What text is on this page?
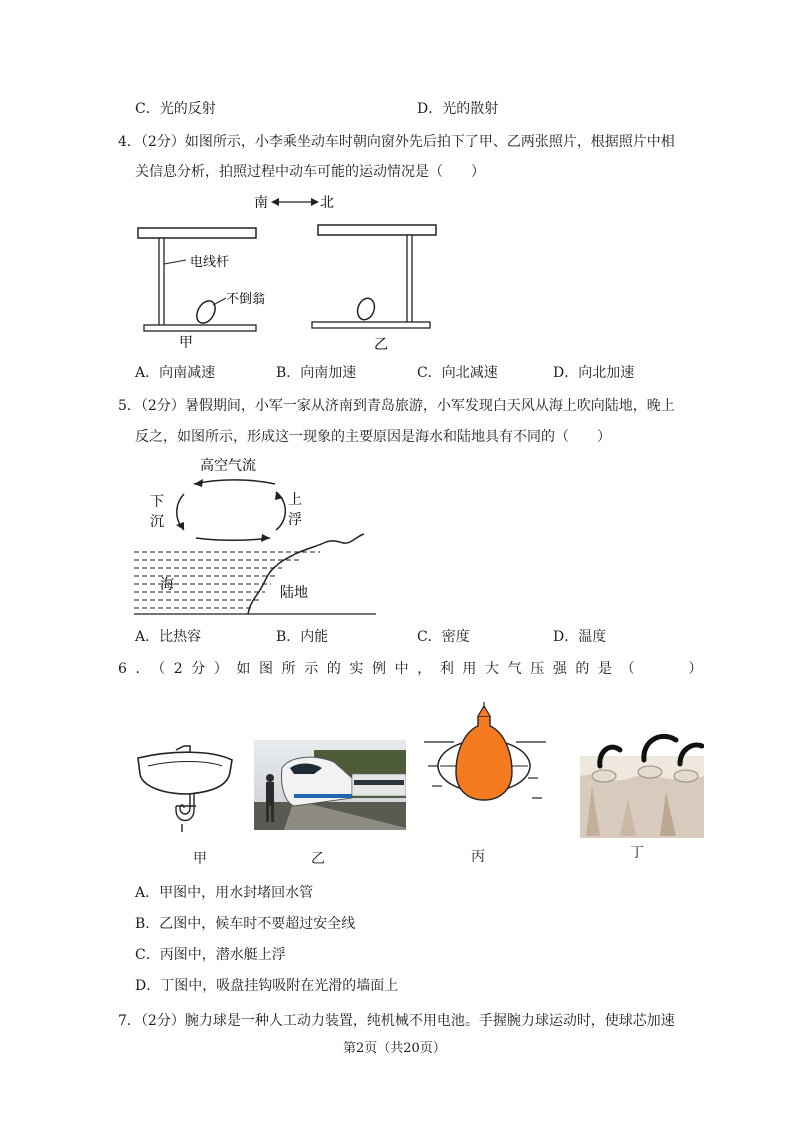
C．光的反射	D．光的散射
4．（2分）如图所示，小李乘坐动车时朝向窗外先后拍下了甲、乙两张照片，根据照片中相
关信息分析，拍照过程中动车可能的运动情况是（　　）
南	北
电线杆
不倒翁
甲	乙
A．向南减速	B．向南加速	C．向北减速	D．向北加速
5．（2分）暑假期间，小军一家从济南到青岛旅游，小军发现白天风从海上吹向陆地，晚上
反之，如图所示，形成这一现象的主要原因是海水和陆地具有不同的（　　）
高空气流
下
沉
上
浮
海	陆地
A．比热容	B．内能	C．密度	D．温度
6．（2分）如图所示的实例中，利用大气压强的是（　　）
甲	乙	丙	丁
A．甲图中，用水封堵回水管
B．乙图中，候车时不要超过安全线
C．丙图中，潜水艇上浮
D．丁图中，吸盘挂钩吸附在光滑的墙面上
7．（2分）腕力球是一种人工动力装置，纯机械不用电池。手握腕力球运动时，使球芯加速
第2页（共20页）
